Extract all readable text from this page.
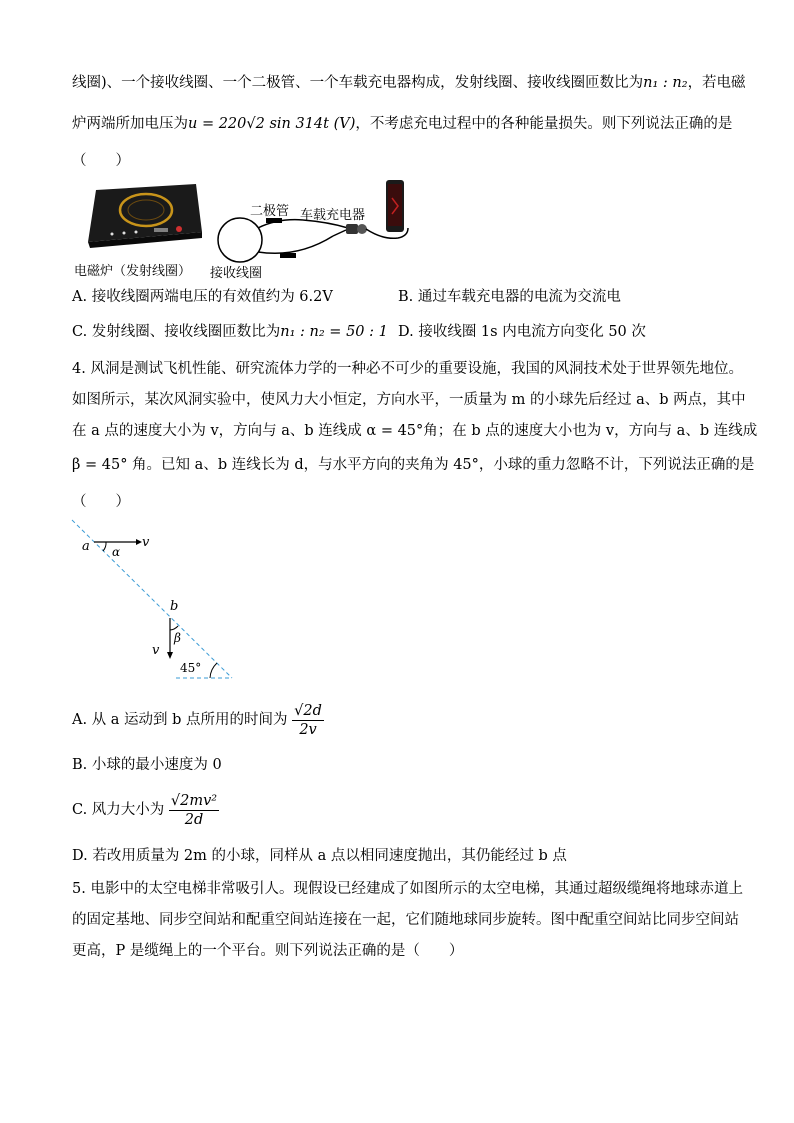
线圈)、一个接收线圈、一个二极管、一个车载充电器构成，发射线圈、接收线圈匝数比为n₁ : n₂，若电磁
炉两端所加电压为u = 220√2 sin 314t (V)，不考虑充电过程中的各种能量损失。则下列说法正确的是
（　　）
电磁炉（发射线圈）
二极管 车载充电器
接收线圈
A. 接收线圈两端电压的有效值约为 6.2V	B. 通过车载充电器的电流为交流电
C. 发射线圈、接收线圈匝数比为n₁ : n₂ = 50 : 1 D. 接收线圈 1s 内电流方向变化 50 次
4. 风洞是测试飞机性能、研究流体力学的一种必不可少的重要设施，我国的风洞技术处于世界领先地位。
如图所示，某次风洞实验中，使风力大小恒定，方向水平，一质量为 m 的小球先后经过 a、b 两点，其中
在 a 点的速度大小为 v，方向与 a、b 连线成 α = 45°角；在 b 点的速度大小也为 v，方向与 a、b 连线成
β = 45° 角。已知 a、b 连线长为 d，与水平方向的夹角为 45°，小球的重力忽略不计，下列说法正确的是
（　　）
a α
v
b
β
v
45°
A. 从 a 运动到 b 点所用的时间为 $\frac{√2d}{2v}$
B. 小球的最小速度为 0
C. 风力大小为 $\frac{\text{√2mv²}}{2d}$
D. 若改用质量为 2m 的小球，同样从 a 点以相同速度抛出，其仍能经过 b 点
5. 电影中的太空电梯非常吸引人。现假设已经建成了如图所示的太空电梯，其通过超级缆绳将地球赤道上
的固定基地、同步空间站和配重空间站连接在一起，它们随地球同步旋转。图中配重空间站比同步空间站
更高，P 是缆绳上的一个平台。则下列说法正确的是（　　）
